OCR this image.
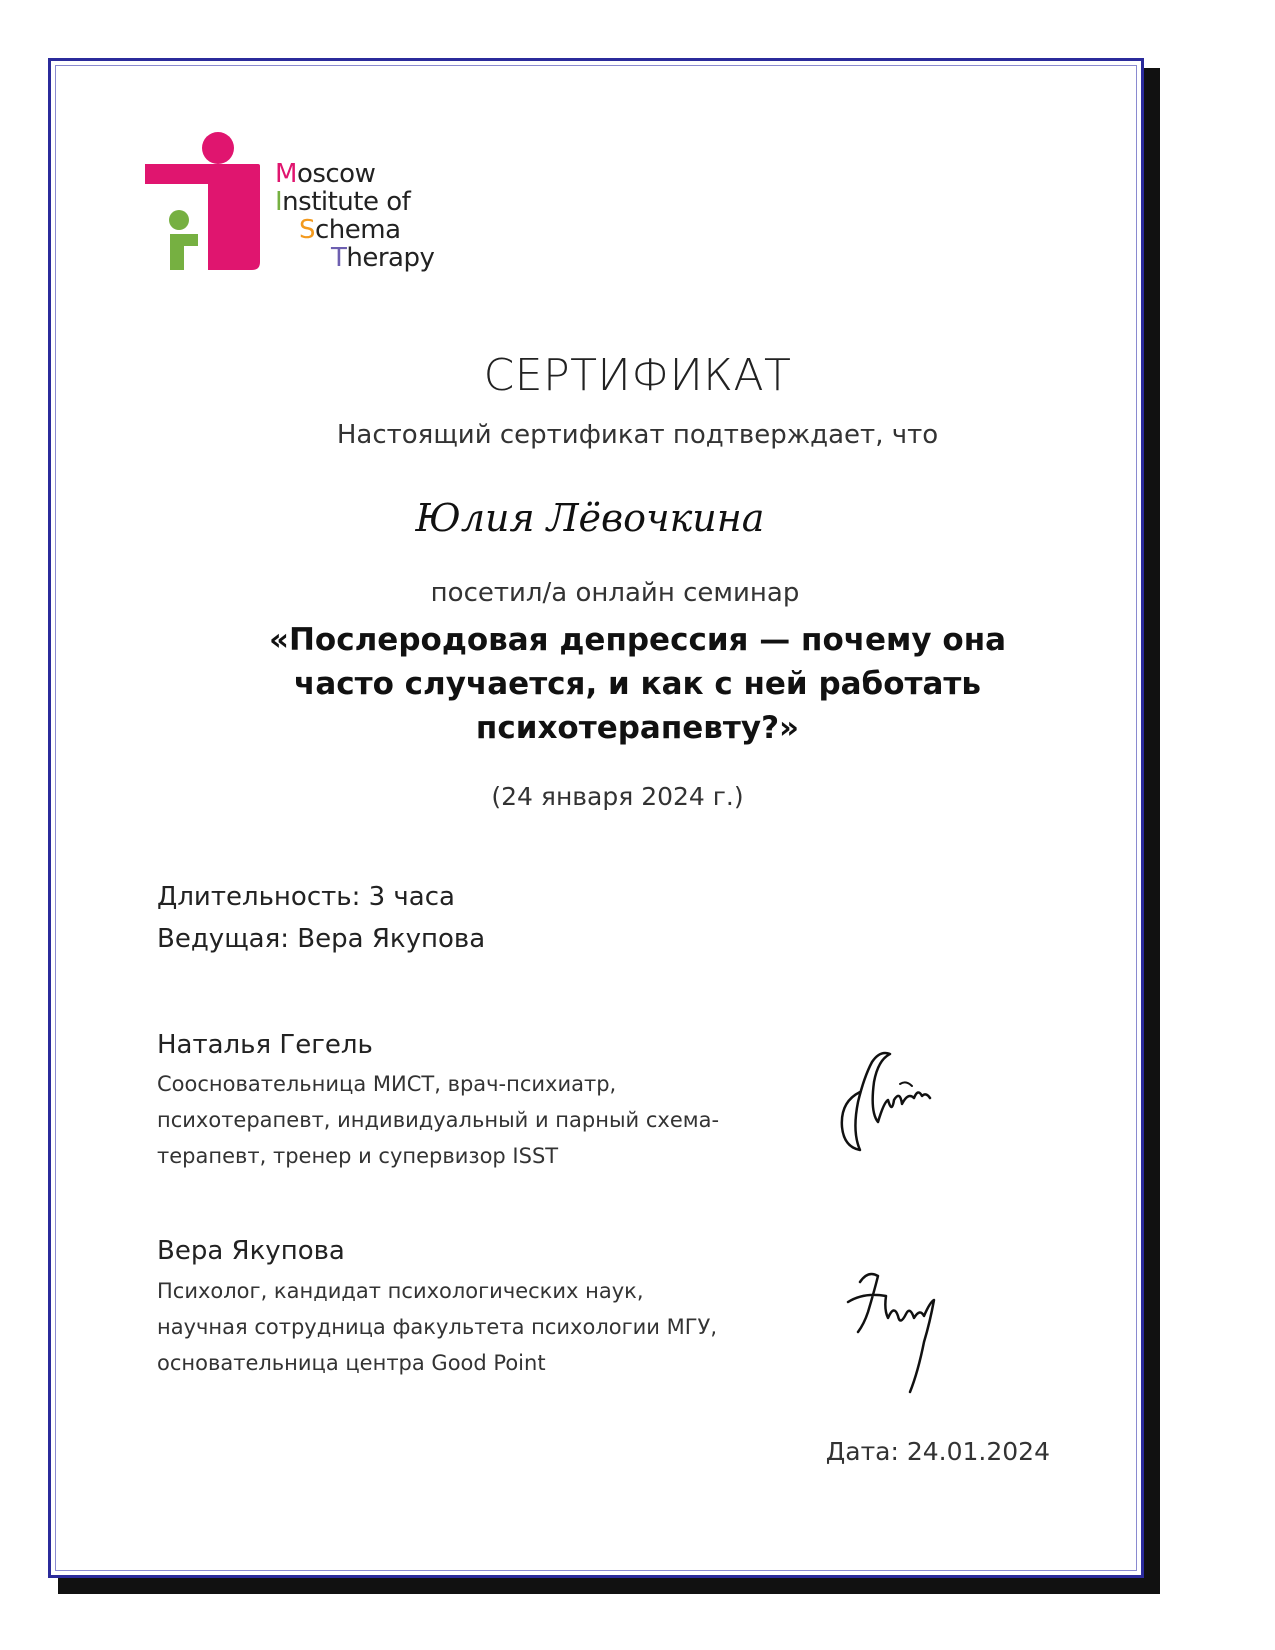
Moscow
Institute of
Schema
Therapy
СЕРТИФИКАТ
Настоящий сертификат подтверждает, что
Юлия Лёвочкина
посетил/а онлайн семинар
«Послеродовая депрессия — почему она
часто случается, и как с ней работать
психотерапевту?»
(24 января 2024 г.)
Длительность: 3 часа
Ведущая: Вера Якупова
Наталья Гегель
Сооснователь​ница МИСТ, врач-психиатр,
психотерапевт, индивидуальный и парный схема-
терапевт, тренер и супервизор ISST
Вера Якупова
Психолог, кандидат психологических наук,
научная сотрудница факультета психологии МГУ,
основательница центра Good Point
Дата: 24.01.2024
